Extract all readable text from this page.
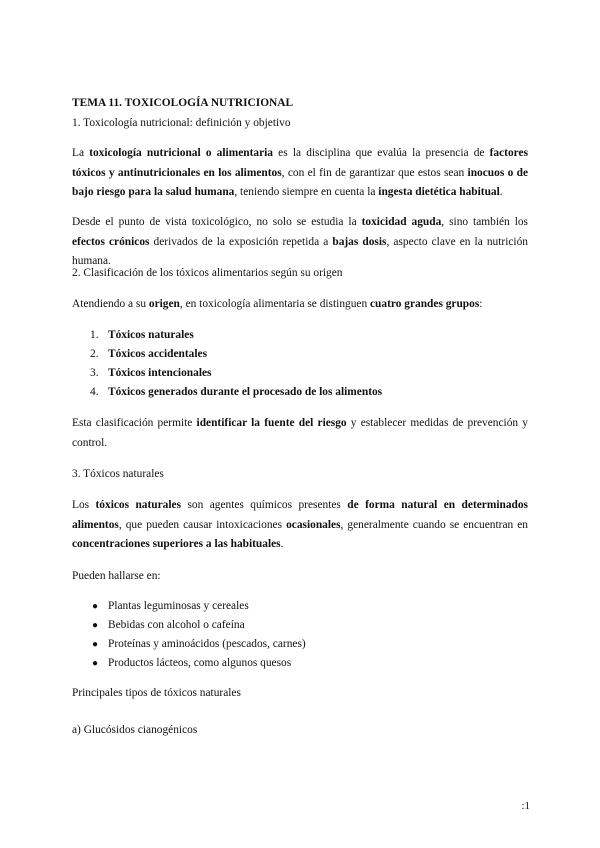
TEMA 11. TOXICOLOGÍA NUTRICIONAL

1. Toxicología nutricional: definición y objetivo

La toxicología nutricional o alimentaria es la disciplina que evalúa la presencia de factores tóxicos y antinutricionales en los alimentos, con el fin de garantizar que estos sean inocuos o de bajo riesgo para la salud humana, teniendo siempre en cuenta la ingesta dietética habitual.

Desde el punto de vista toxicológico, no solo se estudia la toxicidad aguda, sino también los efectos crónicos derivados de la exposición repetida a bajas dosis, aspecto clave en la nutrición humana.

2. Clasificación de los tóxicos alimentarios según su origen

Atendiendo a su origen, en toxicología alimentaria se distinguen cuatro grandes grupos:

1. Tóxicos naturales
2. Tóxicos accidentales
3. Tóxicos intencionales
4. Tóxicos generados durante el procesado de los alimentos

Esta clasificación permite identificar la fuente del riesgo y establecer medidas de prevención y control.

3. Tóxicos naturales

Los tóxicos naturales son agentes químicos presentes de forma natural en determinados alimentos, que pueden causar intoxicaciones ocasionales, generalmente cuando se encuentran en concentraciones superiores a las habituales.

Pueden hallarse en:

● Plantas leguminosas y cereales
● Bebidas con alcohol o cafeína
● Proteínas y aminoácidos (pescados, carnes)
● Productos lácteos, como algunos quesos

Principales tipos de tóxicos naturales

a) Glucósidos cianogénicos

:1
